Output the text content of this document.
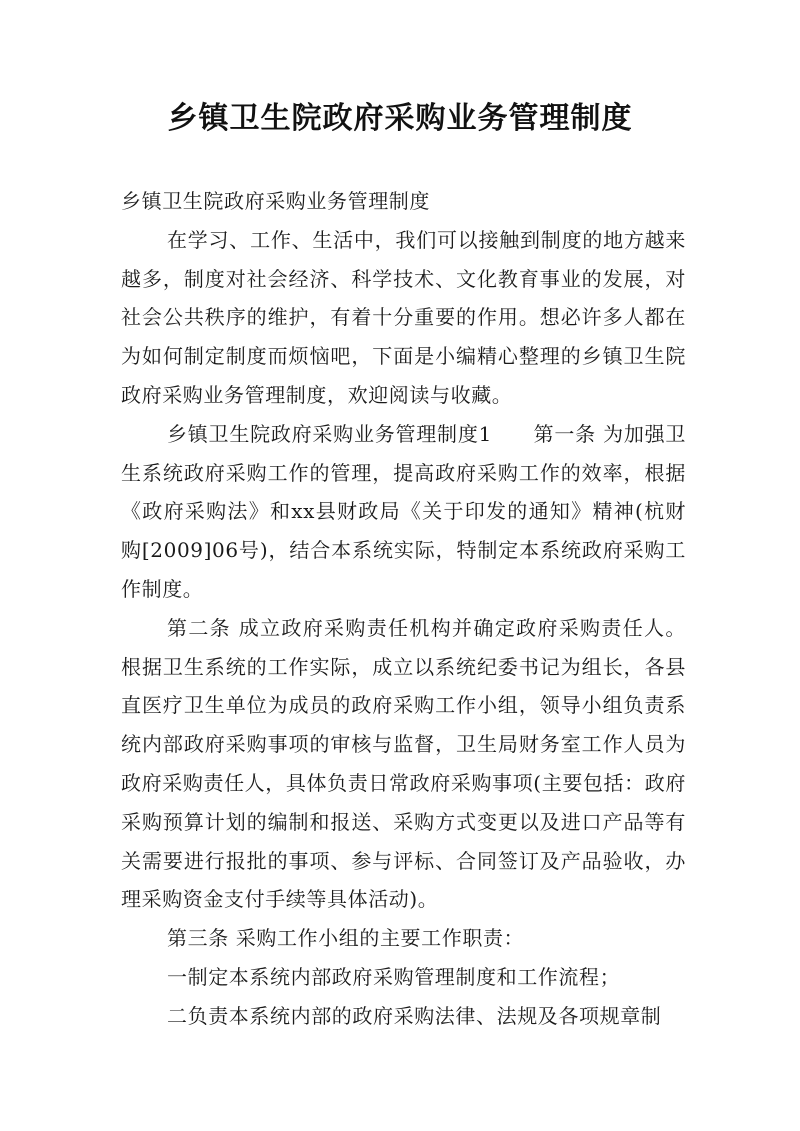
乡镇卫生院政府采购业务管理制度

乡镇卫生院政府采购业务管理制度

在学习、工作、生活中，我们可以接触到制度的地方越来越多，制度对社会经济、科学技术、文化教育事业的发展，对社会公共秩序的维护，有着十分重要的作用。想必许多人都在为如何制定制度而烦恼吧，下面是小编精心整理的乡镇卫生院政府采购业务管理制度，欢迎阅读与收藏。

乡镇卫生院政府采购业务管理制度1　　第一条 为加强卫生系统政府采购工作的管理，提高政府采购工作的效率，根据《政府采购法》和xx县财政局《关于印发的通知》精神(杭财购[2009]06号)，结合本系统实际，特制定本系统政府采购工作制度。

第二条 成立政府采购责任机构并确定政府采购责任人。根据卫生系统的工作实际，成立以系统纪委书记为组长，各县直医疗卫生单位为成员的政府采购工作小组，领导小组负责系统内部政府采购事项的审核与监督，卫生局财务室工作人员为政府采购责任人，具体负责日常政府采购事项(主要包括：政府采购预算计划的编制和报送、采购方式变更以及进口产品等有关需要进行报批的事项、参与评标、合同签订及产品验收，办理采购资金支付手续等具体活动)。

第三条 采购工作小组的主要工作职责：

一制定本系统内部政府采购管理制度和工作流程；

二负责本系统内部的政府采购法律、法规及各项规章制
